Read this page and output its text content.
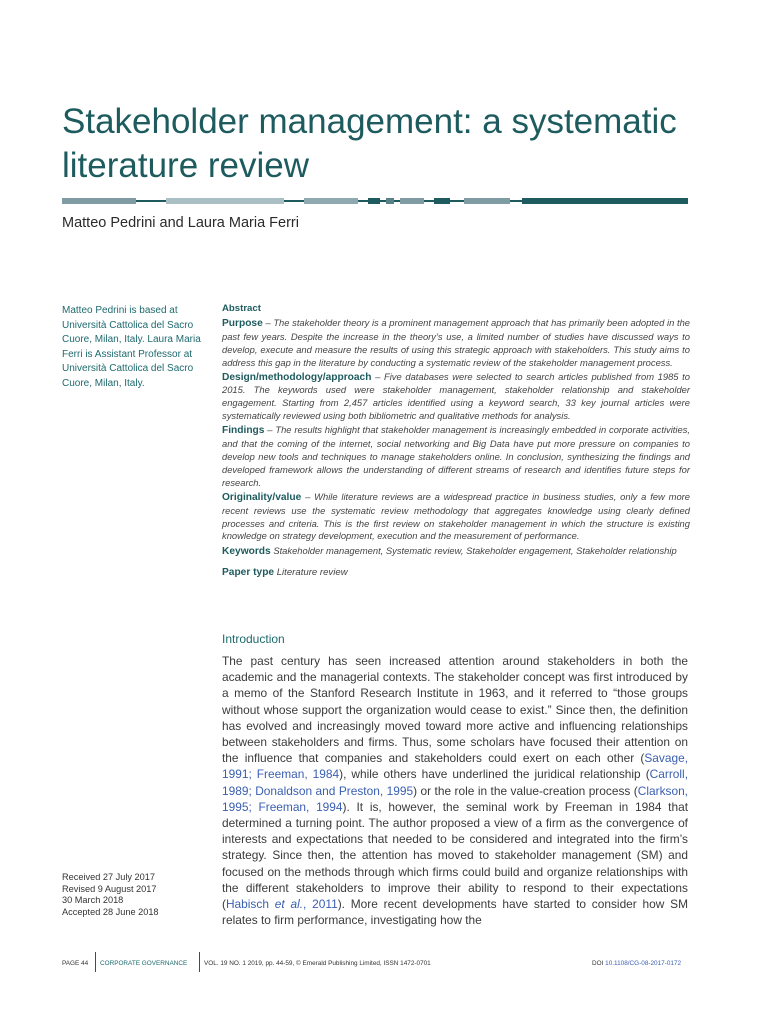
Stakeholder management: a systematic literature review
Matteo Pedrini and Laura Maria Ferri
Matteo Pedrini is based at Università Cattolica del Sacro Cuore, Milan, Italy. Laura Maria Ferri is Assistant Professor at Università Cattolica del Sacro Cuore, Milan, Italy.
Abstract

Purpose – The stakeholder theory is a prominent management approach that has primarily been adopted in the past few years. Despite the increase in the theory’s use, a limited number of studies have discussed ways to develop, execute and measure the results of using this strategic approach with stakeholders. This study aims to address this gap in the literature by conducting a systematic review of the stakeholder management process.

Design/methodology/approach – Five databases were selected to search articles published from 1985 to 2015. The keywords used were stakeholder management, stakeholder relationship and stakeholder engagement. Starting from 2,457 articles identified using a keyword search, 33 key journal articles were systematically reviewed using both bibliometric and qualitative methods for analysis.

Findings – The results highlight that stakeholder management is increasingly embedded in corporate activities, and that the coming of the internet, social networking and Big Data have put more pressure on companies to develop new tools and techniques to manage stakeholders online. In conclusion, synthesizing the findings and developed framework allows the understanding of different streams of research and identifies future steps for research.

Originality/value – While literature reviews are a widespread practice in business studies, only a few more recent reviews use the systematic review methodology that aggregates knowledge using clearly defined processes and criteria. This is the first review on stakeholder management in which the structure is existing knowledge on strategy development, execution and the measurement of performance.

Keywords Stakeholder management, Systematic review, Stakeholder engagement, Stakeholder relationship

Paper type Literature review

Introduction

The past century has seen increased attention around stakeholders in both the academic and the managerial contexts. The stakeholder concept was first introduced by a memo of the Stanford Research Institute in 1963, and it referred to “those groups without whose support the organization would cease to exist.” Since then, the definition has evolved and increasingly moved toward more active and influencing relationships between stakeholders and firms. Thus, some scholars have focused their attention on the influence that companies and stakeholders could exert on each other (Savage, 1991; Freeman, 1984), while others have underlined the juridical relationship (Carroll, 1989; Donaldson and Preston, 1995) or the role in the value-creation process (Clarkson, 1995; Freeman, 1994). It is, however, the seminal work by Freeman in 1984 that determined a turning point. The author proposed a view of a firm as the convergence of interests and expectations that needed to be considered and integrated into the firm’s strategy. Since then, the attention has moved to stakeholder management (SM) and focused on the methods through which firms could build and organize relationships with the different stakeholders to improve their ability to respond to their expectations (Habisch et al., 2011). More recent developments have started to consider how SM relates to firm performance, investigating how the

Received 27 July 2017
Revised 9 August 2017
30 March 2018
Accepted 28 June 2018
PAGE 44 CORPORATE GOVERNANCE	VOL. 19 NO. 1 2019, pp. 44-59, © Emerald Publishing Limited, ISSN 1472-0701	DOI 10.1108/CG-08-2017-0172
